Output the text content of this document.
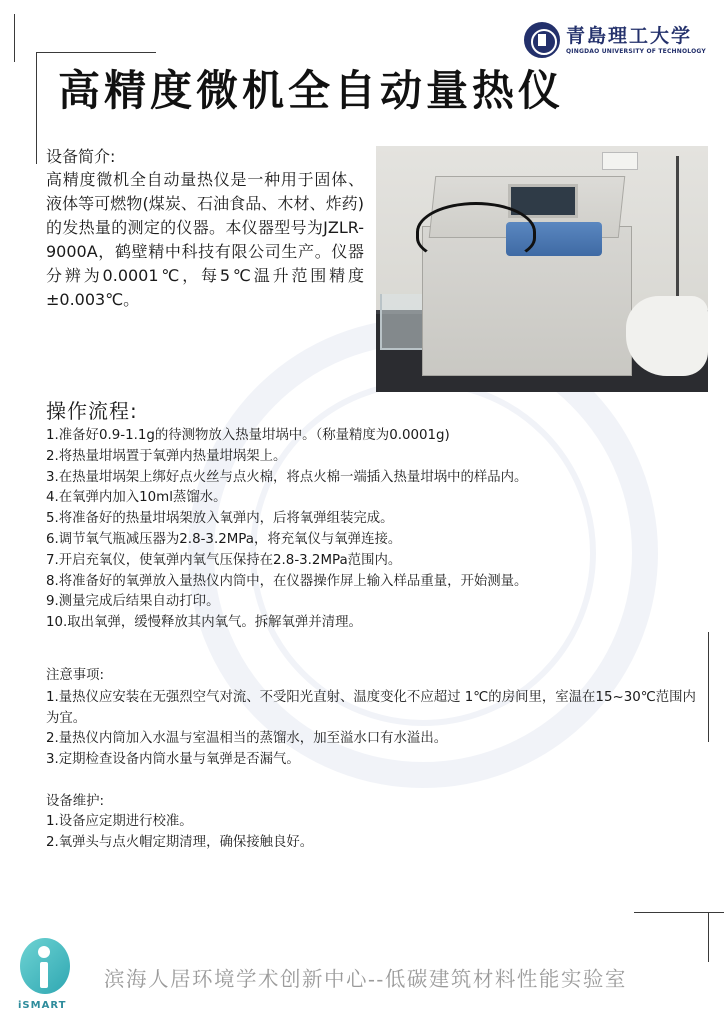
青島理工大学
QINGDAO UNIVERSITY OF TECHNOLOGY
高精度微机全自动量热仪
设备简介:

高精度微机全自动量热仪是一种用于固体、液体等可燃物(煤炭、石油食品、木材、炸药)的发热量的测定的仪器。本仪器型号为JZLR-9000A，鹤壁精中科技有限公司生产。仪器分辨为0.0001℃，每5℃温升范围精度±0.003℃。

操作流程:
1.准备好0.9-1.1g的待测物放入热量坩埚中。（称量精度为0.0001g)
2.将热量坩埚置于氧弹内热量坩埚架上。
3.在热量坩埚架上绑好点火丝与点火棉，将点火棉一端插入热量坩埚中的样品内。
4.在氧弹内加入10ml蒸馏水。
5.将准备好的热量坩埚架放入氧弹内，后将氧弹组装完成。
6.调节氧气瓶减压器为2.8-3.2MPa，将充氧仪与氧弹连接。
7.开启充氧仪，使氧弹内氧气压保持在2.8-3.2MPa范围内。
8.将准备好的氧弹放入量热仪内筒中，在仪器操作屏上输入样品重量，开始测量。
9.测量完成后结果自动打印。
10.取出氧弹，缓慢释放其内氧气。拆解氧弹并清理。
注意事项:
1.量热仪应安装在无强烈空气对流、不受阳光直射、温度变化不应超过 1℃的房间里，室温在15~30℃范围内为宜。
2.量热仪内筒加入水温与室温相当的蒸馏水，加至溢水口有水溢出。
3.定期检查设备内筒水量与氧弹是否漏气。
设备维护:
1.设备应定期进行校准。
2.氧弹头与点火帽定期清理，确保接触良好。
iSMART
滨海人居环境学术创新中心--低碳建筑材料性能实验室
